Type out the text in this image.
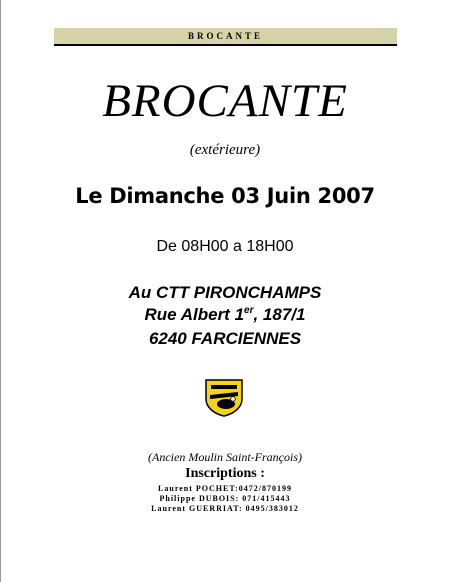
BROCANTE
BROCANTE
(extérieure)
Le Dimanche 03 Juin 2007
De 08H00 a 18H00
Au CTT PIRONCHAMPS
Rue Albert 1er, 187/1
6240 FARCIENNES
(Ancien Moulin Saint-François)
Inscriptions :
Laurent POCHET:0472/870199
Philippe DUBOIS: 071/415443
Laurent GUERRIAT: 0495/383012
